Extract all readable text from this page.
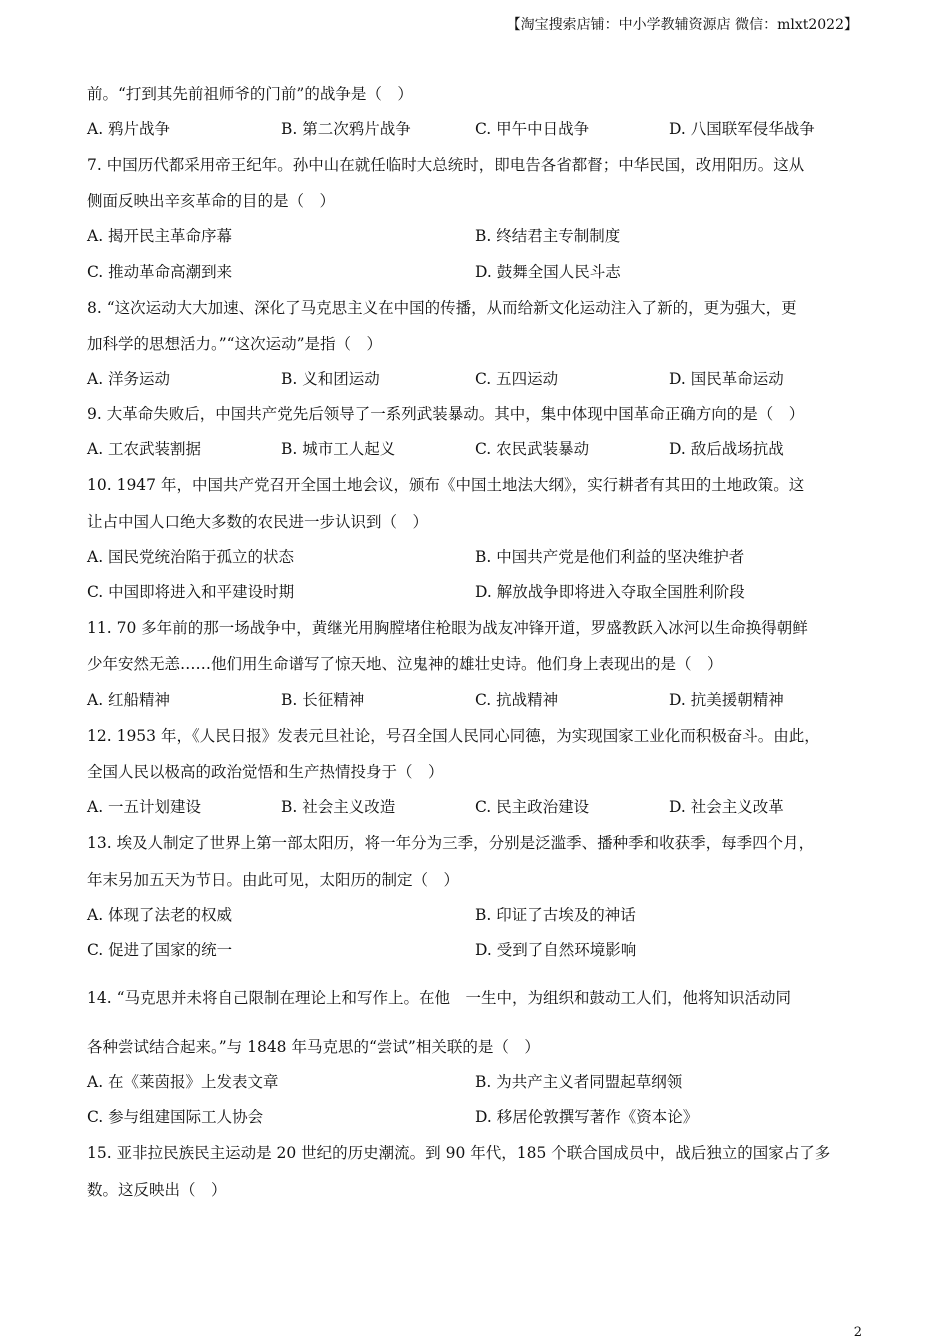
【淘宝搜索店铺：中小学教辅资源店 微信：mlxt2022】
前。“打到其先前祖师爷的门前”的战争是（　）
7. 中国历代都采用帝王纪年。孙中山在就任临时大总统时，即电告各省都督；中华民国，改用阳历。这从
侧面反映出辛亥革命的目的是（　）
8. “这次运动大大加速、深化了马克思主义在中国的传播，从而给新文化运动注入了新的，更为强大，更
加科学的思想活力。”“这次运动”是指（　）
9. 大革命失败后，中国共产党先后领导了一系列武装暴动。其中，集中体现中国革命正确方向的是（　）
10. 1947 年，中国共产党召开全国土地会议，颁布《中国土地法大纲》，实行耕者有其田的土地政策。这
让占中国人口绝大多数的农民进一步认识到（　）
11. 70 多年前的那一场战争中，黄继光用胸膛堵住枪眼为战友冲锋开道，罗盛教跃入冰河以生命换得朝鲜
少年安然无恙……他们用生命谱写了惊天地、泣鬼神的雄壮史诗。他们身上表现出的是（　）
12. 1953 年，《人民日报》发表元旦社论，号召全国人民同心同德，为实现国家工业化而积极奋斗。由此，
全国人民以极高的政治觉悟和生产热情投身于（　）
13. 埃及人制定了世界上第一部太阳历，将一年分为三季，分别是泛滥季、播种季和收获季，每季四个月，
年末另加五天为节日。由此可见，太阳历的制定（　）
14. “马克思并未将自己限制在理论上和写作上。在他　一生中，为组织和鼓动工人们，他将知识活动同
各种尝试结合起来。”与 1848 年马克思的“尝试”相关联的是（　）
15. 亚非拉民族民主运动是 20 世纪的历史潮流。到 90 年代，185 个联合国成员中，战后独立的国家占了多
数。这反映出（　）
A. 鸦片战争	B. 第二次鸦片战争	C. 甲午中日战争	D. 八国联军侵华战争
A. 揭开民主革命序幕	B. 终结君主专制制度
C. 推动革命高潮到来	D. 鼓舞全国人民斗志
A. 洋务运动	B. 义和团运动	C. 五四运动	D. 国民革命运动
A. 工农武装割据	B. 城市工人起义	C. 农民武装暴动	D. 敌后战场抗战
A. 国民党统治陷于孤立的状态	B. 中国共产党是他们利益的坚决维护者
C. 中国即将进入和平建设时期	D. 解放战争即将进入夺取全国胜利阶段
A. 红船精神	B. 长征精神	C. 抗战精神	D. 抗美援朝精神
A. 一五计划建设	B. 社会主义改造	C. 民主政治建设	D. 社会主义改革
A. 体现了法老的权威	B. 印证了古埃及的神话
C. 促进了国家的统一	D. 受到了自然环境影响
A. 在《莱茵报》上发表文章	B. 为共产主义者同盟起草纲领
C. 参与组建国际工人协会	D. 移居伦敦撰写著作《资本论》
2
